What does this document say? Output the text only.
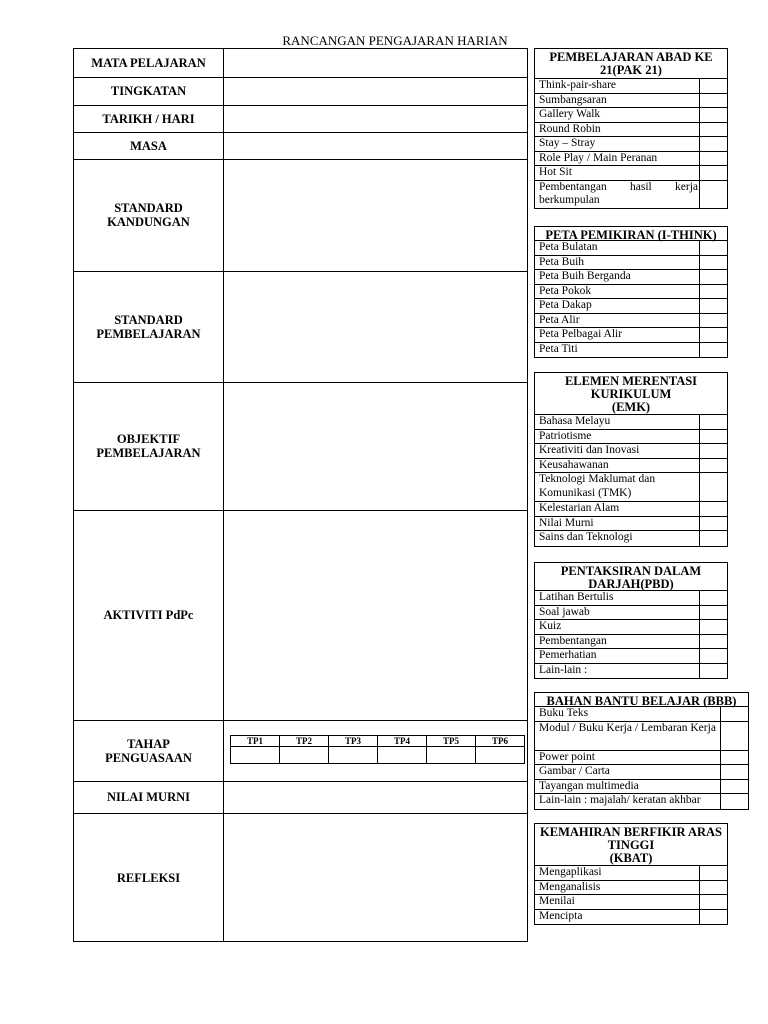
RANCANGAN PENGAJARAN HARIAN
MATA PELAJARAN
TINGKATAN
TARIKH / HARI
MASA
STANDARD
KANDUNGAN
STANDARD
PEMBELAJARAN
OBJEKTIF
PEMBELAJARAN
AKTIVITI PdPc
TAHAP
PENGUASAAN
NILAI MURNI
REFLEKSI
TP1	TP2	TP3	TP4	TP5	TP6

PEMBELAJARAN ABAD KE
21(PAK 21)
Think-pair-share
Sumbangsaran
Gallery Walk
Round Robin
Stay – Stray
Role Play / Main Peranan
Hot Sit
Pembentangan hasil kerja berkumpulan
PETA PEMIKIRAN (I-THINK)
Peta Bulatan
Peta Buih
Peta Buih Berganda
Peta Pokok
Peta Dakap
Peta Alir
Peta Pelbagai Alir
Peta Titi
ELEMEN MERENTASI
KURIKULUM
(EMK)
Bahasa Melayu
Patriotisme
Kreativiti dan Inovasi
Keusahawanan
Teknologi Maklumat dan Komunikasi (TMK)
Kelestarian Alam
Nilai Murni
Sains dan Teknologi
PENTAKSIRAN DALAM
DARJAH(PBD)
Latihan Bertulis
Soal jawab
Kuiz
Pembentangan
Pemerhatian
Lain-lain :
BAHAN BANTU BELAJAR (BBB)
Buku Teks
Modul / Buku Kerja / Lembaran Kerja
Power point
Gambar / Carta
Tayangan multimedia
Lain-lain : majalah/ keratan akhbar
KEMAHIRAN BERFIKIR ARAS
TINGGI
(KBAT)
Mengaplikasi
Menganalisis
Menilai
Mencipta
